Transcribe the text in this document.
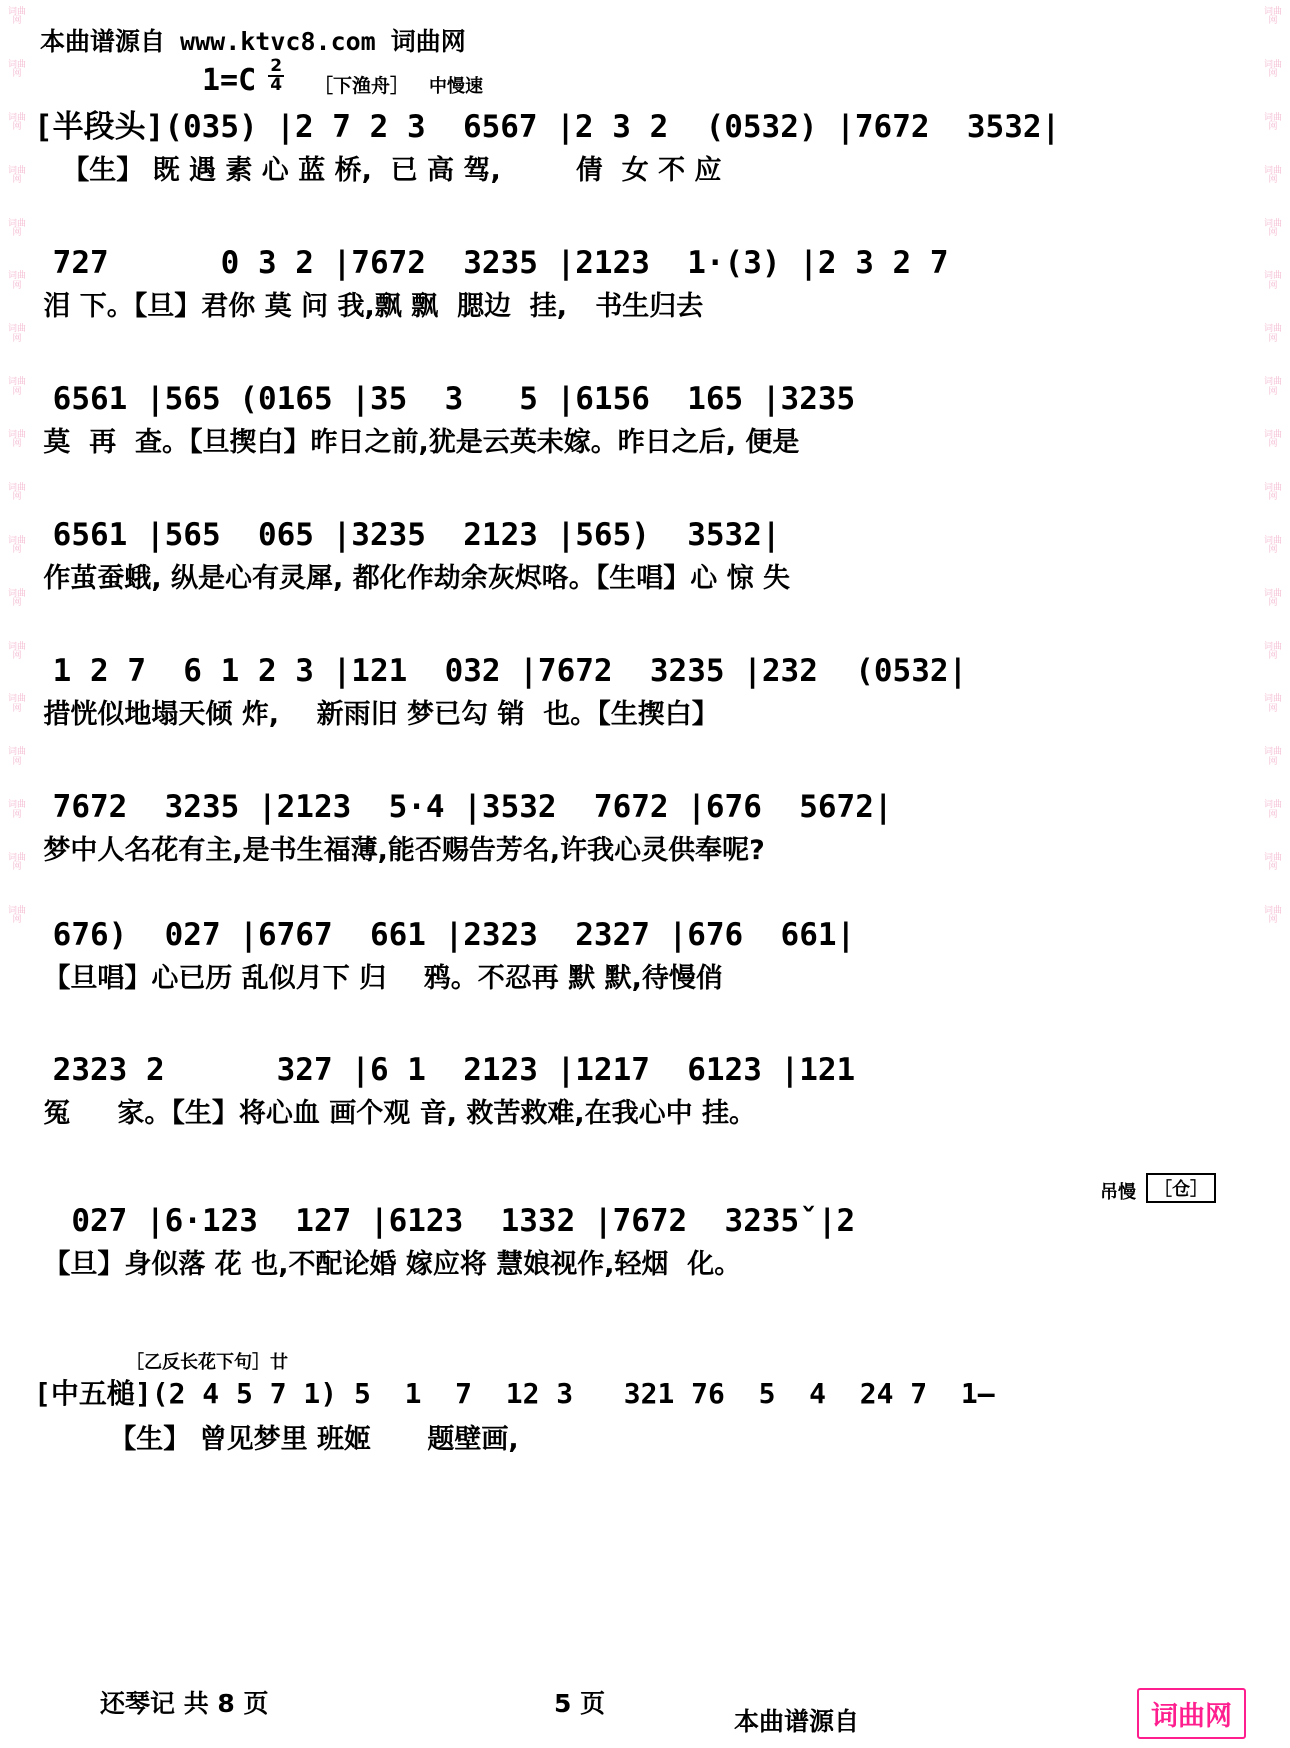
词曲网
词曲网
词曲网
词曲网
词曲网
词曲网
词曲网
词曲网
词曲网
词曲网
词曲网
词曲网
词曲网
词曲网
词曲网
词曲网
词曲网
词曲网
词曲网
词曲网
词曲网
词曲网
词曲网
词曲网
词曲网
词曲网
词曲网
词曲网
词曲网
词曲网
词曲网
词曲网
词曲网
词曲网
词曲网
词曲网
本曲谱源自 www.ktvc8.com 词曲网
$1=C \frac{2}{4}$ ［下渔舟］ 中慢速
[半段头](035) |2 7 2 3  6567 |2 3 2  (0532) |7672  3532|
【生】 既 遇 素 心 蓝 桥,  已 高 驾,        倩  女 不 应
727      0 3 2 |7672  3235 |2123  1·(3) |2 3 2 7
泪 下。【旦】君你 莫 问 我,飘 飘  腮边  挂,   书生归去
6561 |565 (0165 |35  3   5 |6156  165 |3235
莫  再  查。【旦揳白】昨日之前,犹是云英未嫁。昨日之后, 便是
6561 |565  065 |3235  2123 |565)  3532|
作茧蚕蛾, 纵是心有灵犀, 都化作劫余灰烬咯。【生唱】心 惊 失
1 2 7  6 1 2 3 |121  032 |7672  3235 |232  (0532|
措恍似地塌天倾 炸,    新雨旧 梦已勾 销  也。【生揳白】
7672  3235 |2123  5·4 |3532  7672 |676  5672|
梦中人名花有主,是书生福薄,能否赐告芳名,许我心灵供奉呢?
676)  027 |6767  661 |2323  2327 |676  661|
【旦唱】心已历 乱似月下 归    鸦。不忍再 默 默,待慢俏
2323 2      327 |6 1  2123 |1217  6123 |121
冤     家。【生】将心血 画个观 音, 救苦救难,在我心中 挂。
吊慢	［仓］
027 |6·123  127 |6123  1332 |7672  3235ˇ|2
【旦】身似落 花 也,不配论婚 嫁应将 慧娘视作,轻烟  化。
［乙反长花下句］廿
[中五槌](2 4 5 7 1) 5  1  7  12 3   321 76  5  4  24 7  1—
【生】 曾见梦里 班姬      题壁画,
还琴记 共 8 页	5 页
本曲谱源自	词曲网
